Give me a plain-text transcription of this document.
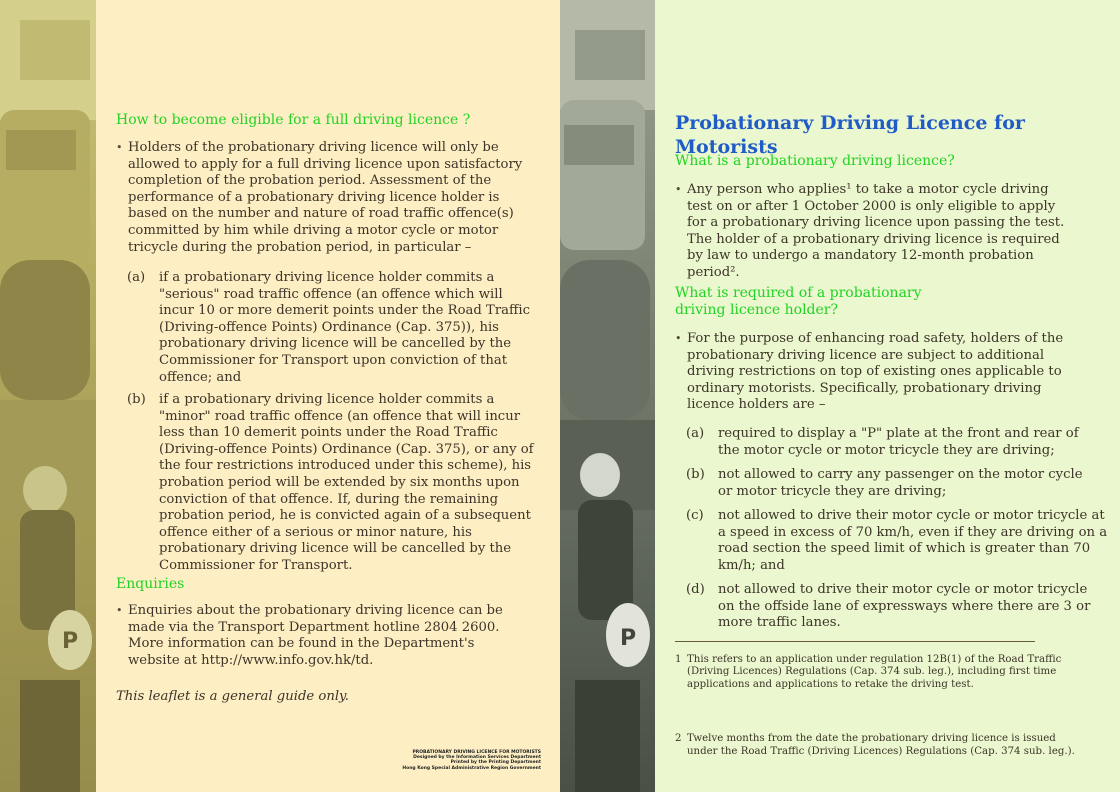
P
How to become eligible for a full driving licence ?
• Holders of the probationary driving licence will only be allowed to apply for a full driving licence upon satisfactory completion of the probation period. Assessment of the performance of a probationary driving licence holder is based on the number and nature of road traffic offence(s) committed by him while driving a motor cycle or motor tricycle during the probation period, in particular –
(a) if a probationary driving licence holder commits a "serious" road traffic offence (an offence which will incur 10 or more demerit points under the Road Traffic (Driving-offence Points) Ordinance (Cap. 375)), his probationary driving licence will be cancelled by the Commissioner for Transport upon conviction of that offence; and
(b) if a probationary driving licence holder commits a "minor" road traffic offence (an offence that will incur less than 10 demerit points under the Road Traffic (Driving-offence Points) Ordinance (Cap. 375), or any of the four restrictions introduced under this scheme), his probation period will be extended by six months upon conviction of that offence. If, during the remaining probation period, he is convicted again of a subsequent offence either of a serious or minor nature, his probationary driving licence will be cancelled by the Commissioner for Transport.
Enquiries
• Enquiries about the probationary driving licence can be made via the Transport Department hotline 2804 2600. More information can be found in the Department's website at http://www.info.gov.hk/td.
This leaflet is a general guide only.
PROBATIONARY DRIVING LICENCE FOR MOTORISTS
Designed by the Information Services Department
Printed by the Printing Department
Hong Kong Special Administrative Region Government
P
Probationary Driving Licence for Motorists
What is a probationary driving licence?
• Any person who applies¹ to take a motor cycle driving test on or after 1 October 2000 is only eligible to apply for a probationary driving licence upon passing the test. The holder of a probationary driving licence is required by law to undergo a mandatory 12-month probation period².
What is required of a probationary
driving licence holder?
• For the purpose of enhancing road safety, holders of the probationary driving licence are subject to additional driving restrictions on top of existing ones applicable to ordinary motorists. Specifically, probationary driving licence holders are –
(a) required to display a "P" plate at the front and rear of the motor cycle or motor tricycle they are driving;
(b) not allowed to carry any passenger on the motor cycle or motor tricycle they are driving;
(c) not allowed to drive their motor cycle or motor tricycle at a speed in excess of 70 km/h, even if they are driving on a road section the speed limit of which is greater than 70 km/h; and
(d) not allowed to drive their motor cycle or motor tricycle on the offside lane of expressways where there are 3 or more traffic lanes.
1 This refers to an application under regulation 12B(1) of the Road Traffic (Driving Licences) Regulations (Cap. 374 sub. leg.), including first time applications and applications to retake the driving test.
2 Twelve months from the date the probationary driving licence is issued under the Road Traffic (Driving Licences) Regulations (Cap. 374 sub. leg.).
